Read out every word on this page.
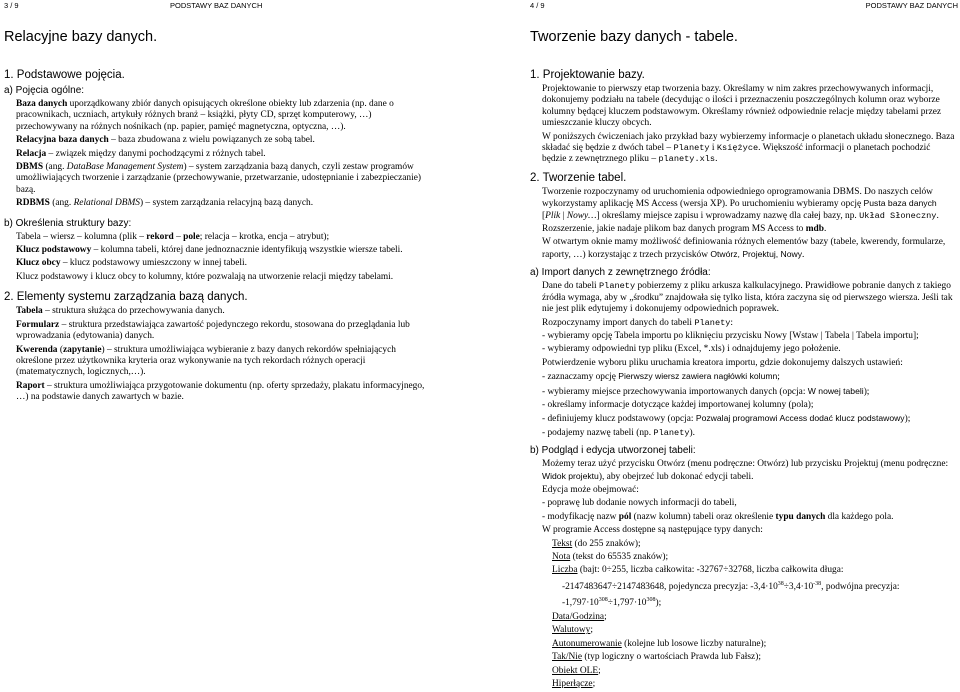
3 / 9	PODSTAWY BAZ DANYCH
Relacyjne bazy danych.
1. Podstawowe pojęcia.
a) Pojęcia ogólne:
Baza danych uporządkowany zbiór danych opisujących określone obiekty lub zdarzenia (np. dane o pracownikach, uczniach, artykuły różnych branż – książki, płyty CD, sprzęt komputerowy, …) przechowywany na różnych nośnikach (np. papier, pamięć magnetyczna, optyczna, …).
Relacyjna baza danych – baza zbudowana z wielu powiązanych ze sobą tabel.
Relacja – związek między danymi pochodzącymi z różnych tabel.
DBMS (ang. DataBase Management System) – system zarządzania bazą danych, czyli zestaw programów umożliwiających tworzenie i zarządzanie (przechowywanie, przetwarzanie, udostępnianie i zabezpieczanie) bazą.
RDBMS (ang. Relational DBMS) – system zarządzania relacyjną bazą danych.
b) Określenia struktury bazy:
Tabela – wiersz – kolumna (plik – rekord – pole; relacja – krotka, encja – atrybut);
Klucz podstawowy – kolumna tabeli, której dane jednoznacznie identyfikują wszystkie wiersze tabeli.
Klucz obcy – klucz podstawowy umieszczony w innej tabeli.
Klucz podstawowy i klucz obcy to kolumny, które pozwalają na utworzenie relacji między tabelami.
2. Elementy systemu zarządzania bazą danych.
Tabela – struktura służąca do przechowywania danych.
Formularz – struktura przedstawiająca zawartość pojedynczego rekordu, stosowana do przeglądania lub wprowadzania (edytowania) danych.
Kwerenda (zapytanie) – struktura umożliwiająca wybieranie z bazy danych rekordów spełniających określone przez użytkownika kryteria oraz wykonywanie na tych rekordach różnych operacji (matematycznych, logicznych,…).
Raport – struktura umożliwiająca przygotowanie dokumentu (np. oferty sprzedaży, plakatu informacyjnego, …) na podstawie danych zawartych w bazie.
4 / 9	PODSTAWY BAZ DANYCH
Tworzenie bazy danych - tabele.
1. Projektowanie bazy.
Projektowanie to pierwszy etap tworzenia bazy. Określamy w nim zakres przechowywanych informacji, dokonujemy podziału na tabele (decydując o ilości i przeznaczeniu poszczególnych kolumn oraz wyborze kolumny będącej kluczem podstawowym. Określamy również odpowiednie relacje między tabelami przez umieszczanie kluczy obcych.
W poniższych ćwiczeniach jako przykład bazy wybierzemy informacje o planetach układu słonecznego. Baza składać się będzie z dwóch tabel – Planety i Księżyce. Większość informacji o planetach pochodzić będzie z zewnętrznego pliku – planety.xls.
2. Tworzenie tabel.
Tworzenie rozpoczynamy od uruchomienia odpowiedniego oprogramowania DBMS. Do naszych celów wykorzystamy aplikację MS Access (wersja XP). Po uruchomieniu wybieramy opcję Pusta baza danych [Plik | Nowy…] określamy miejsce zapisu i wprowadzamy nazwę dla całej bazy, np. Układ Słoneczny.
Rozszerzenie, jakie nadaje plikom baz danych program MS Access to mdb.
W otwartym oknie mamy możliwość definiowania różnych elementów bazy (tabele, kwerendy, formularze, raporty, …) korzystając z trzech przycisków Otwórz, Projektuj, Nowy.
a) Import danych z zewnętrznego źródła:
Dane do tabeli Planety pobierzemy z pliku arkusza kalkulacyjnego. Prawidłowe pobranie danych z takiego źródła wymaga, aby w „środku” znajdowała się tylko lista, która zaczyna się od pierwszego wiersza. Jeśli tak nie jest plik edytujemy i dokonujemy odpowiednich poprawek.
Rozpoczynamy import danych do tabeli Planety:
- wybieramy opcję Tabela importu po kliknięciu przycisku Nowy [Wstaw | Tabela | Tabela importu];
- wybieramy odpowiedni typ pliku (Excel, *.xls) i odnajdujemy jego położenie.
Potwierdzenie wyboru pliku uruchamia kreatora importu, gdzie dokonujemy dalszych ustawień:
- zaznaczamy opcję Pierwszy wiersz zawiera nagłówki kolumn;
- wybieramy miejsce przechowywania importowanych danych (opcja: W nowej tabeli);
- określamy informacje dotyczące każdej importowanej kolumny (pola);
- definiujemy klucz podstawowy (opcja: Pozwalaj programowi Access dodać klucz podstawowy);
- podajemy nazwę tabeli (np. Planety).
b) Podgląd i edycja utworzonej tabeli:
Możemy teraz użyć przycisku Otwórz (menu podręczne: Otwórz) lub przycisku Projektuj (menu podręczne: Widok projektu), aby obejrzeć lub dokonać edycji tabeli.
Edycja może obejmować:
- poprawę lub dodanie nowych informacji do tabeli,
- modyfikację nazw pól (nazw kolumn) tabeli oraz określenie typu danych dla każdego pola.
W programie Access dostępne są następujące typy danych:
Tekst (do 255 znaków);
Nota (tekst do 65535 znaków);
Liczba (bajt: 0÷255, liczba całkowita: -32767÷32768, liczba całkowita długa:
-2147483647÷2147483648, pojedyncza precyzja: $-3,4\cdot 10^{38}\div 3,4\cdot 10^{-38}$, podwójna precyzja:
$-1,797\cdot 10^{308}\div 1,797\cdot 10^{308}$);
Data/Godzina;
Walutowy;
Autonumerowanie (kolejne lub losowe liczby naturalne);
Tak/Nie (typ logiczny o wartościach Prawda lub Fałsz);
Obiekt OLE;
Hiperłącze;
